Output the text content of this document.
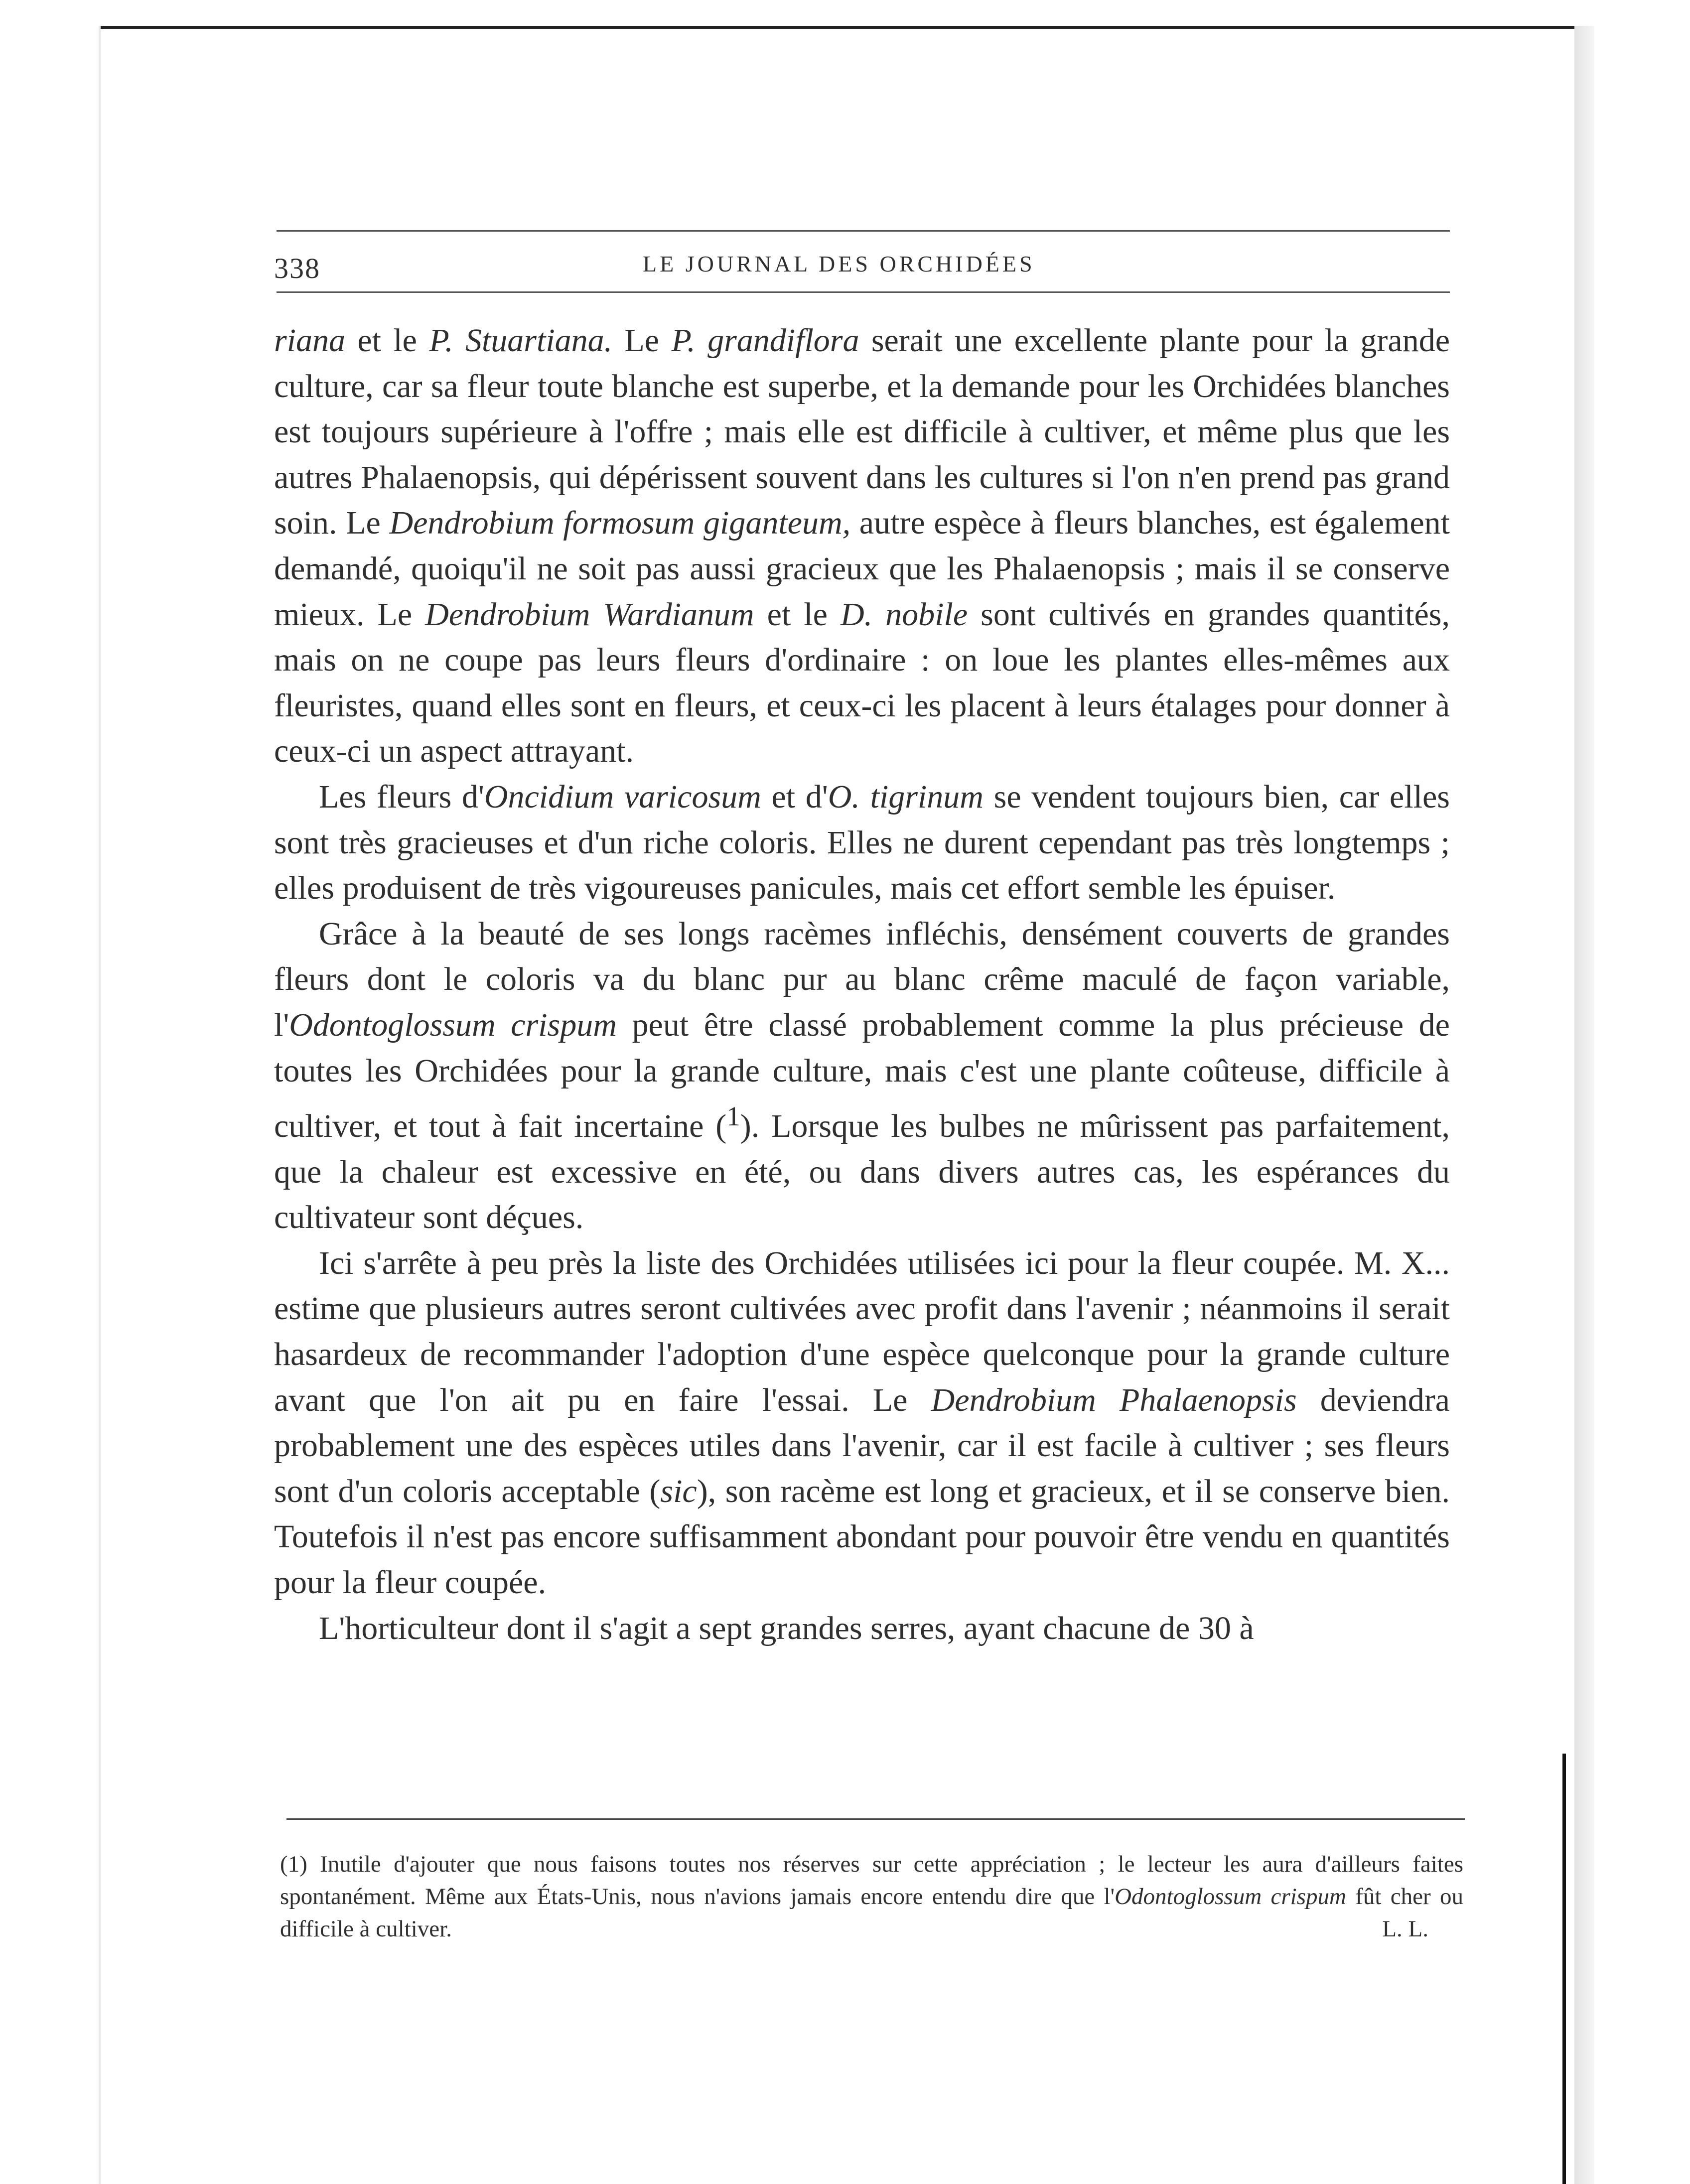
338	LE JOURNAL DES ORCHIDÉES

riana et le P. Stuartiana. Le P. grandiflora serait une excellente plante pour la grande culture, car sa fleur toute blanche est superbe, et la demande pour les Orchidées blanches est toujours supérieure à l'offre ; mais elle est difficile à cultiver, et même plus que les autres Phalaenopsis, qui dépérissent souvent dans les cultures si l'on n'en prend pas grand soin. Le Dendrobium formosum giganteum, autre espèce à fleurs blanches, est également demandé, quoiqu'il ne soit pas aussi gracieux que les Phalaenopsis ; mais il se conserve mieux. Le Dendrobium Wardianum et le D. nobile sont cultivés en grandes quantités, mais on ne coupe pas leurs fleurs d'ordinaire : on loue les plantes elles-mêmes aux fleuristes, quand elles sont en fleurs, et ceux-ci les placent à leurs étalages pour donner à ceux-ci un aspect attrayant.

Les fleurs d'Oncidium varicosum et d'O. tigrinum se vendent toujours bien, car elles sont très gracieuses et d'un riche coloris. Elles ne durent cependant pas très longtemps ; elles produisent de très vigoureuses panicules, mais cet effort semble les épuiser.

Grâce à la beauté de ses longs racèmes infléchis, densément couverts de grandes fleurs dont le coloris va du blanc pur au blanc crême maculé de façon variable, l'Odontoglossum crispum peut être classé probablement comme la plus précieuse de toutes les Orchidées pour la grande culture, mais c'est une plante coûteuse, difficile à cultiver, et tout à fait incertaine ($^1$). Lorsque les bulbes ne mûrissent pas parfaitement, que la chaleur est excessive en été, ou dans divers autres cas, les espérances du cultivateur sont déçues.

Ici s'arrête à peu près la liste des Orchidées utilisées ici pour la fleur coupée. M. X... estime que plusieurs autres seront cultivées avec profit dans l'avenir ; néanmoins il serait hasardeux de recommander l'adoption d'une espèce quelconque pour la grande culture avant que l'on ait pu en faire l'essai. Le Dendrobium Phalaenopsis deviendra probablement une des espèces utiles dans l'avenir, car il est facile à cultiver ; ses fleurs sont d'un coloris acceptable (sic), son racème est long et gracieux, et il se conserve bien. Toutefois il n'est pas encore suffisamment abondant pour pouvoir être vendu en quantités pour la fleur coupée.

L'horticulteur dont il s'agit a sept grandes serres, ayant chacune de 30 à

(1) Inutile d'ajouter que nous faisons toutes nos réserves sur cette appréciation ; le lecteur les aura d'ailleurs faites spontanément. Même aux États-Unis, nous n'avions jamais encore entendu dire que l'Odontoglossum crispum fût cher ou difficile à cultiver.	L. L.
